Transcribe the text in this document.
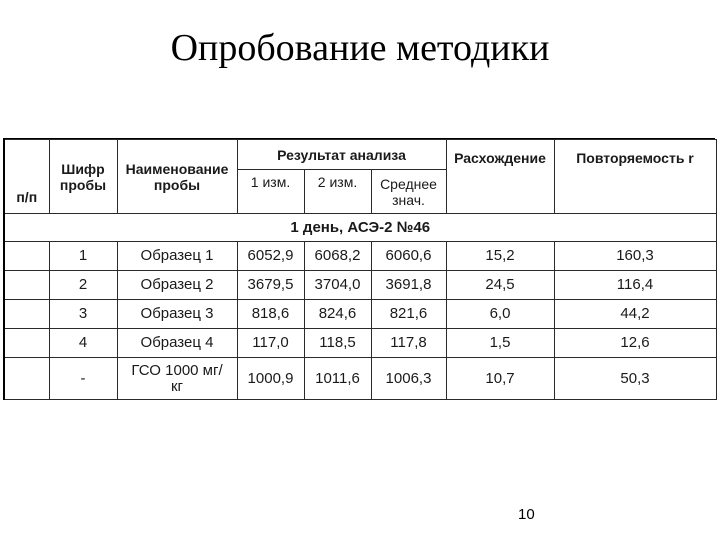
Опробование методики
п/п	Шифр пробы	Наименование пробы	Результат анализа			Расхождение	Повторяемость r
			1 изм.	2 изм.	Среднее знач.		
1 день, АСЭ-2 №46							
	1	Образец 1	6052,9	6068,2	6060,6	15,2	160,3
	2	Образец 2	3679,5	3704,0	3691,8	24,5	116,4
	3	Образец 3	818,6	824,6	821,6	6,0	44,2
	4	Образец 4	117,0	118,5	117,8	1,5	12,6
	-	ГСО 1000 мг/кг	1000,9	1011,6	1006,3	10,7	50,3
10
